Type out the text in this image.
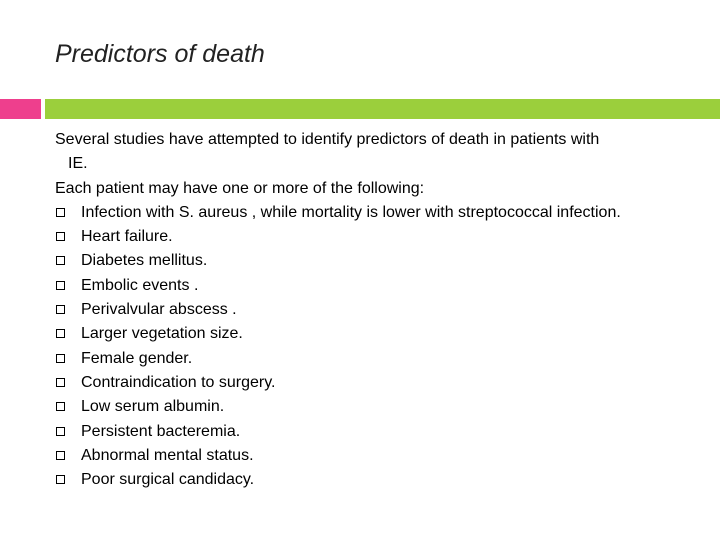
Predictors of death
Several studies have attempted to identify predictors of death in patients with
IE.
Each patient may have one or more of the following:
Infection with S. aureus , while mortality is lower with streptococcal infection.
Heart failure.
Diabetes mellitus.
Embolic events .
Perivalvular abscess .
Larger vegetation size.
Female gender.
Contraindication to surgery.
Low serum albumin.
Persistent bacteremia.
Abnormal mental status.
Poor surgical candidacy.
